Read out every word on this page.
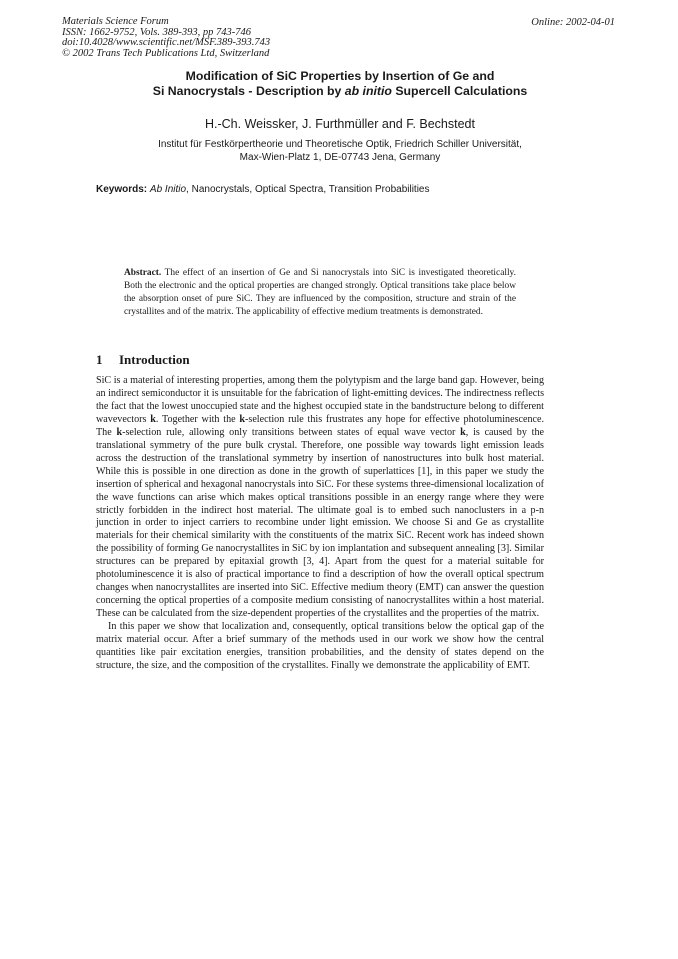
Materials Science Forum
ISSN: 1662-9752, Vols. 389-393, pp 743-746
doi:10.4028/www.scientific.net/MSF.389-393.743
© 2002 Trans Tech Publications Ltd, Switzerland
Online: 2002-04-01
Modification of SiC Properties by Insertion of Ge and
Si Nanocrystals - Description by ab initio Supercell Calculations
H.-Ch. Weissker, J. Furthmüller and F. Bechstedt
Institut für Festkörpertheorie und Theoretische Optik, Friedrich Schiller Universität,
Max-Wien-Platz 1, DE-07743 Jena, Germany
Keywords: Ab Initio, Nanocrystals, Optical Spectra, Transition Probabilities
Abstract. The effect of an insertion of Ge and Si nanocrystals into SiC is investigated theoretically. Both the electronic and the optical properties are changed strongly. Optical transitions take place below the absorption onset of pure SiC. They are influenced by the composition, structure and strain of the crystallites and of the matrix. The applicability of effective medium treatments is demonstrated.
1 Introduction

SiC is a material of interesting properties, among them the polytypism and the large band gap. However, being an indirect semiconductor it is unsuitable for the fabrication of light-emitting devices. The indirectness reflects the fact that the lowest unoccupied state and the highest occupied state in the bandstructure belong to different wavevectors k. Together with the k-selection rule this frustrates any hope for effective photoluminescence. The k-selection rule, allowing only transitions between states of equal wave vector k, is caused by the translational symmetry of the pure bulk crystal. Therefore, one possible way towards light emission leads across the destruction of the translational symmetry by insertion of nanostructures into bulk host material. While this is possible in one direction as done in the growth of superlattices [1], in this paper we study the insertion of spherical and hexagonal nanocrystals into SiC. For these systems three-dimensional localization of the wave functions can arise which makes optical transitions possible in an energy range where they were strictly forbidden in the indirect host material. The ultimate goal is to embed such nanoclusters in a p-n junction in order to inject carriers to recombine under light emission. We choose Si and Ge as crystallite materials for their chemical similarity with the constituents of the matrix SiC. Recent work has indeed shown the possibility of forming Ge nanocrystallites in SiC by ion implantation and subsequent annealing [3]. Similar structures can be prepared by epitaxial growth [3, 4]. Apart from the quest for a material suitable for photoluminescence it is also of practical importance to find a description of how the overall optical spectrum changes when nanocrystallites are inserted into SiC. Effective medium theory (EMT) can answer the question concerning the optical properties of a composite medium consisting of nanocrystallites within a host material. These can be calculated from the size-dependent properties of the crystallites and the properties of the matrix.

In this paper we show that localization and, consequently, optical transitions below the optical gap of the matrix material occur. After a brief summary of the methods used in our work we show how the central quantities like pair excitation energies, transition probabilities, and the density of states depend on the structure, the size, and the composition of the crystallites. Finally we demonstrate the applicability of EMT.
